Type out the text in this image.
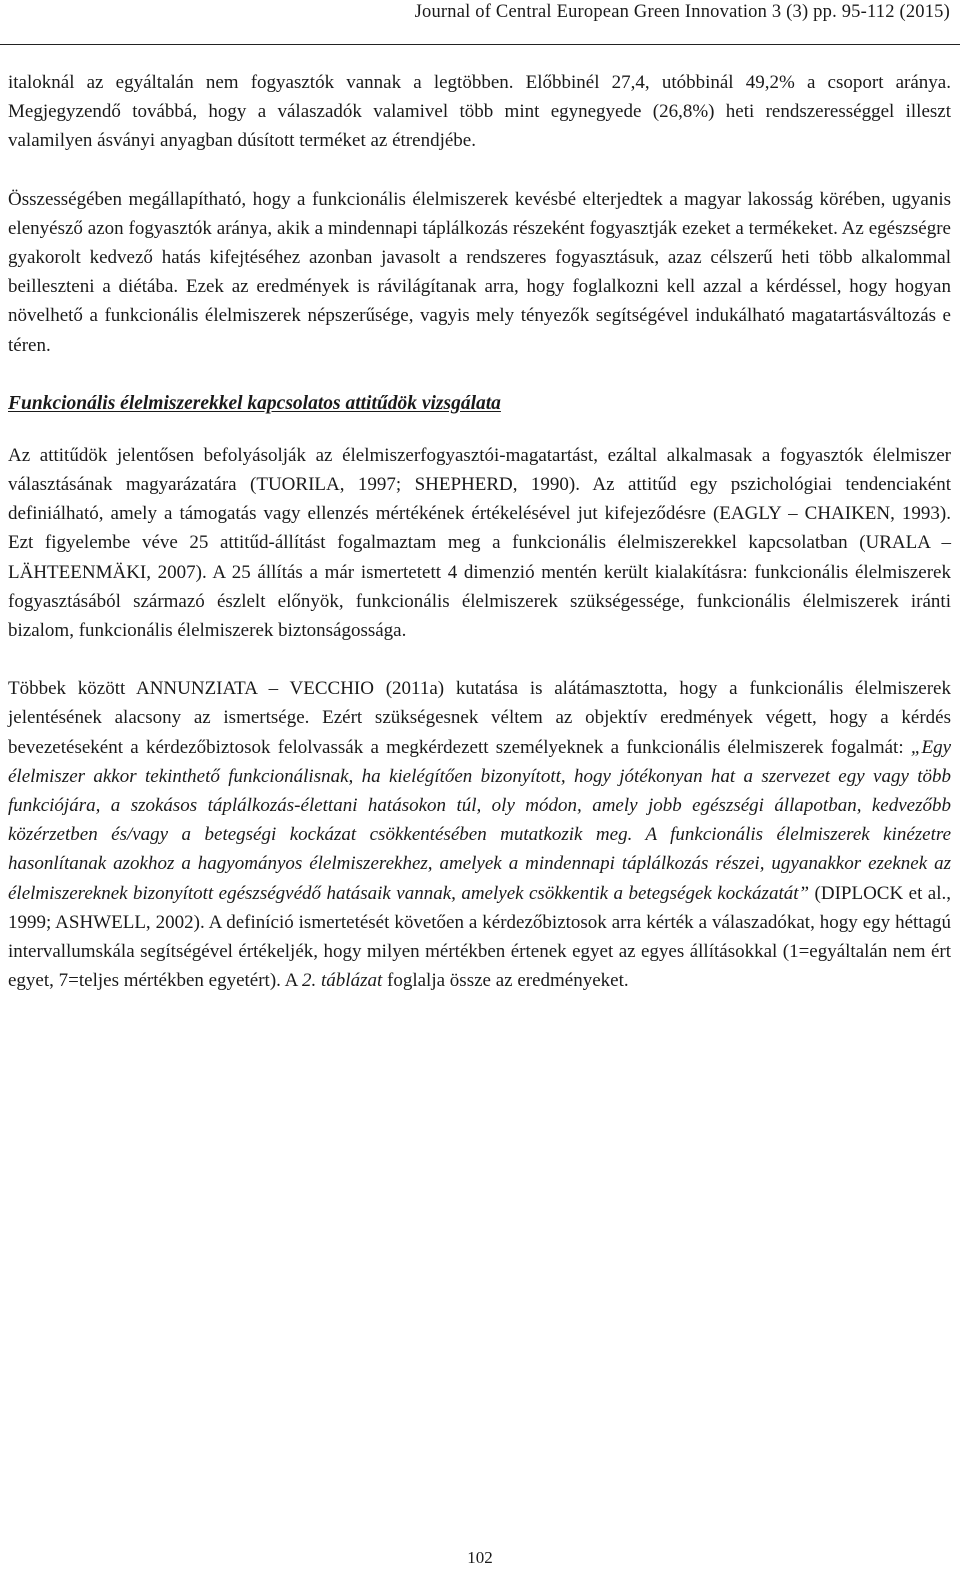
Journal of Central European Green Innovation 3 (3) pp. 95-112 (2015)

italoknál az egyáltalán nem fogyasztók vannak a legtöbben. Előbbinél 27,4, utóbbinál 49,2% a csoport aránya. Megjegyzendő továbbá, hogy a válaszadók valamivel több mint egynegyede (26,8%) heti rendszerességgel illeszt valamilyen ásványi anyagban dúsított terméket az étrendjébe.

Összességében megállapítható, hogy a funkcionális élelmiszerek kevésbé elterjedtek a magyar lakosság körében, ugyanis elenyésző azon fogyasztók aránya, akik a mindennapi táplálkozás részeként fogyasztják ezeket a termékeket. Az egészségre gyakorolt kedvező hatás kifejtéséhez azonban javasolt a rendszeres fogyasztásuk, azaz célszerű heti több alkalommal beilleszteni a diétába. Ezek az eredmények is rávilágítanak arra, hogy foglalkozni kell azzal a kérdéssel, hogy hogyan növelhető a funkcionális élelmiszerek népszerűsége, vagyis mely tényezők segítségével indukálható magatartásváltozás e téren.

Funkcionális élelmiszerekkel kapcsolatos attitűdök vizsgálata

Az attitűdök jelentősen befolyásolják az élelmiszerfogyasztói-magatartást, ezáltal alkalmasak a fogyasztók élelmiszer választásának magyarázatára (TUORILA, 1997; SHEPHERD, 1990). Az attitűd egy pszichológiai tendenciaként definiálható, amely a támogatás vagy ellenzés mértékének értékelésével jut kifejeződésre (EAGLY – CHAIKEN, 1993). Ezt figyelembe véve 25 attitűd-állítást fogalmaztam meg a funkcionális élelmiszerekkel kapcsolatban (URALA – LÄHTEENMÄKI, 2007). A 25 állítás a már ismertetett 4 dimenzió mentén került kialakításra: funkcionális élelmiszerek fogyasztásából származó észlelt előnyök, funkcionális élelmiszerek szükségessége, funkcionális élelmiszerek iránti bizalom, funkcionális élelmiszerek biztonságossága.

Többek között ANNUNZIATA – VECCHIO (2011a) kutatása is alátámasztotta, hogy a funkcionális élelmiszerek jelentésének alacsony az ismertsége. Ezért szükségesnek véltem az objektív eredmények végett, hogy a kérdés bevezetéseként a kérdezőbiztosok felolvassák a megkérdezett személyeknek a funkcionális élelmiszerek fogalmát: „Egy élelmiszer akkor tekinthető funkcionálisnak, ha kielégítően bizonyított, hogy jótékonyan hat a szervezet egy vagy több funkciójára, a szokásos táplálkozás-élettani hatásokon túl, oly módon, amely jobb egészségi állapotban, kedvezőbb közérzetben és/vagy a betegségi kockázat csökkentésében mutatkozik meg. A funkcionális élelmiszerek kinézetre hasonlítanak azokhoz a hagyományos élelmiszerekhez, amelyek a mindennapi táplálkozás részei, ugyanakkor ezeknek az élelmiszereknek bizonyított egészségvédő hatásaik vannak, amelyek csökkentik a betegségek kockázatát” (DIPLOCK et al., 1999; ASHWELL, 2002). A definíció ismertetését követően a kérdezőbiztosok arra kérték a válaszadókat, hogy egy héttagú intervallumskála segítségével értékeljék, hogy milyen mértékben értenek egyet az egyes állításokkal (1=egyáltalán nem ért egyet, 7=teljes mértékben egyetért). A 2. táblázat foglalja össze az eredményeket.

102
